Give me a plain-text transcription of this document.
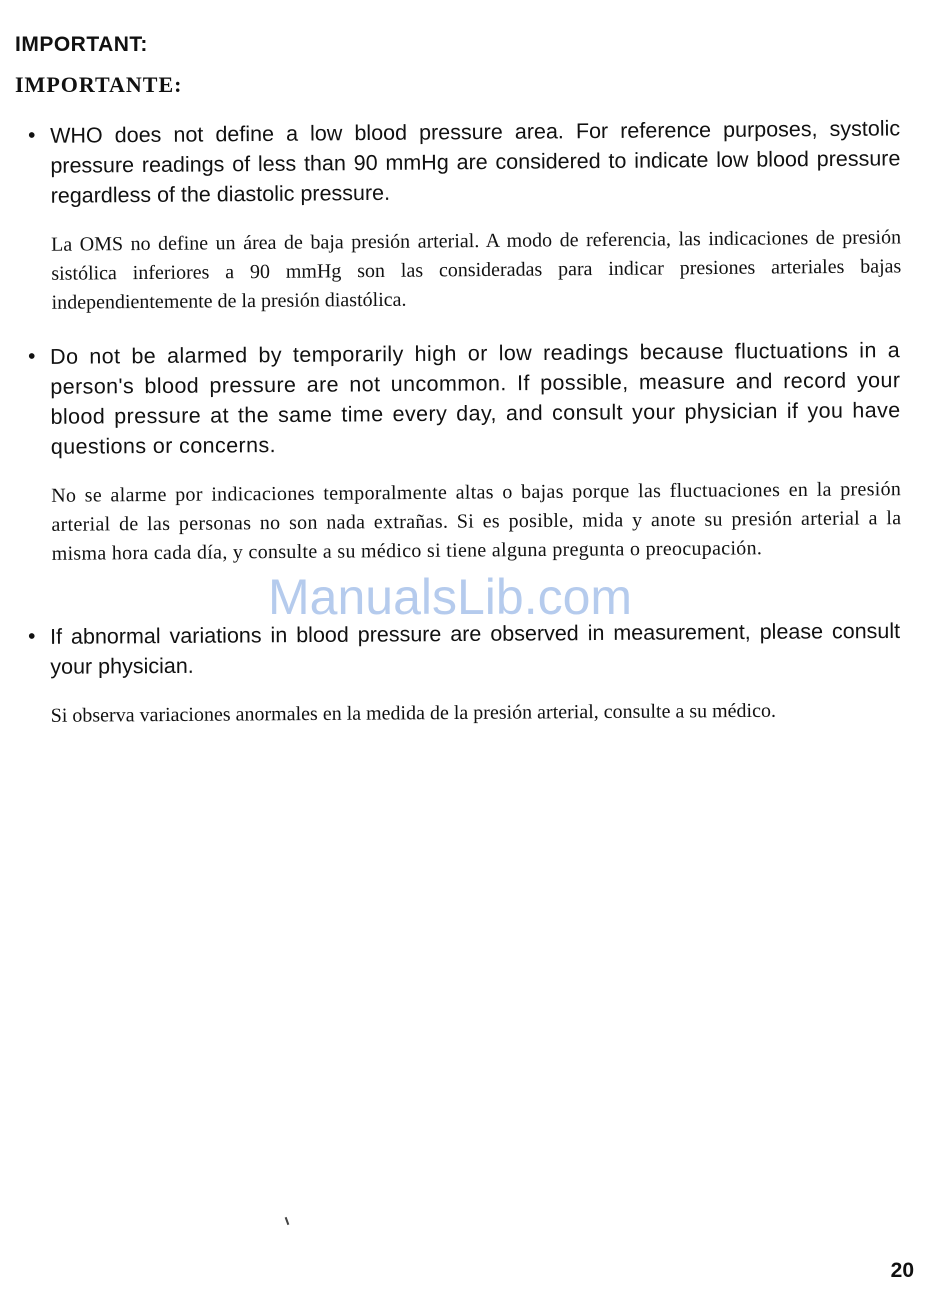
IMPORTANT:
IMPORTANTE:

• WHO does not define a low blood pressure area. For reference purposes, systolic pressure readings of less than 90 mmHg are considered to indicate low blood pressure regardless of the diastolic pressure.

La OMS no define un área de baja presión arterial. A modo de referencia, las indicaciones de presión sistólica inferiores a 90 mmHg son las consideradas para indicar presiones arteriales bajas independientemente de la presión diastólica.

• Do not be alarmed by temporarily high or low readings because fluctuations in a person's blood pressure are not uncommon. If possible, measure and record your blood pressure at the same time every day, and consult your physician if you have questions or concerns.

No se alarme por indicaciones temporalmente altas o bajas porque las fluctuaciones en la presión arterial de las personas no son nada extrañas. Si es posible, mida y anote su presión arterial a la misma hora cada día, y consulte a su médico si tiene alguna pregunta o preocupación.

• If abnormal variations in blood pressure are observed in measurement, please consult your physician.

Si observa variaciones anormales en la medida de la presión arterial, consulte a su médico.

ManualsLib.com

20
